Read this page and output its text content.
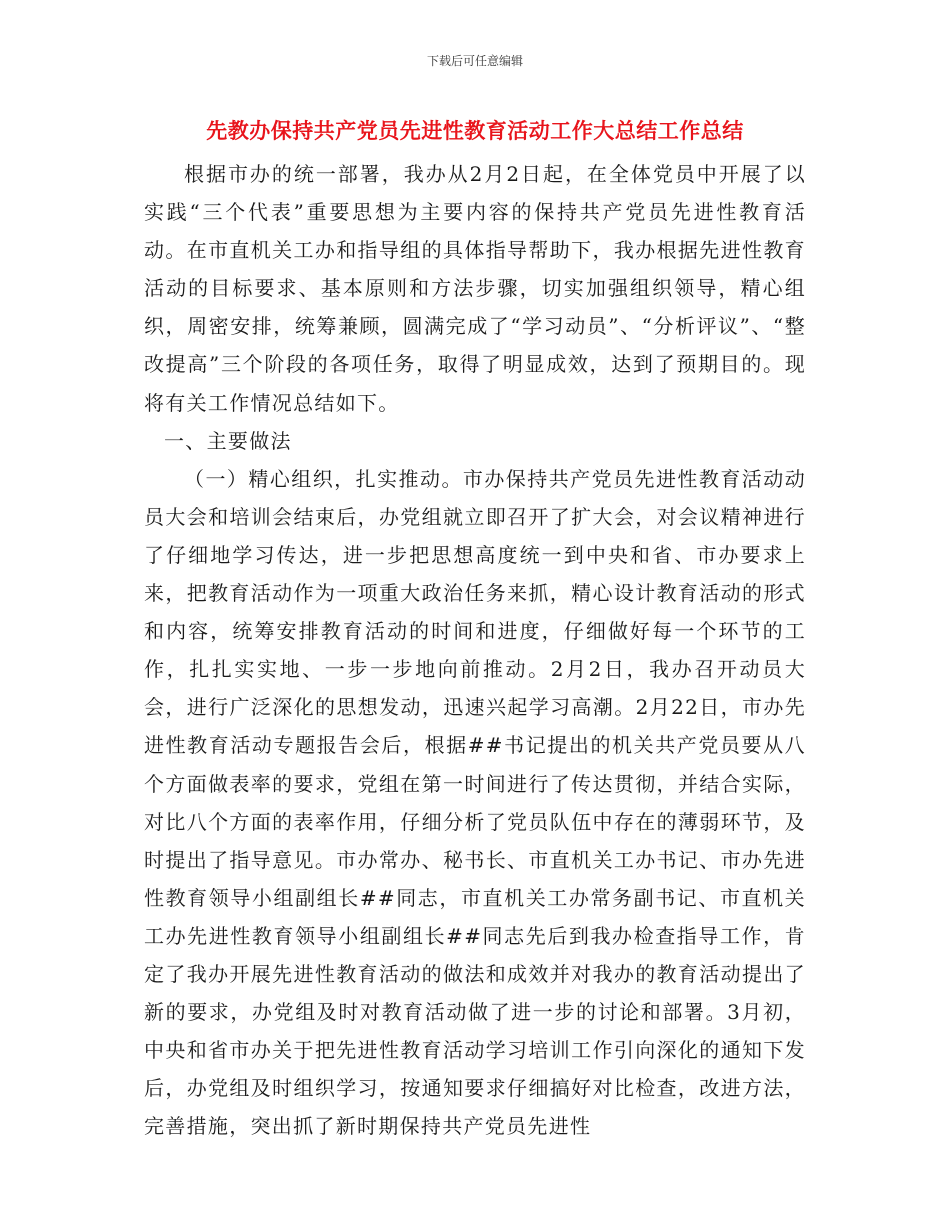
下载后可任意编辑
先教办保持共产党员先进性教育活动工作大总结工作总结

根据市办的统一部署，我办从2月2日起，在全体党员中开展了以实践“三个代表”重要思想为主要内容的保持共产党员先进性教育活动。在市直机关工办和指导组的具体指导帮助下，我办根据先进性教育活动的目标要求、基本原则和方法步骤，切实加强组织领导，精心组织，周密安排，统筹兼顾，圆满完成了“学习动员”、“分析评议”、“整改提高”三个阶段的各项任务，取得了明显成效，达到了预期目的。现将有关工作情况总结如下。

一、主要做法

（一）精心组织，扎实推动。市办保持共产党员先进性教育活动动员大会和培训会结束后，办党组就立即召开了扩大会，对会议精神进行了仔细地学习传达，进一步把思想高度统一到中央和省、市办要求上来，把教育活动作为一项重大政治任务来抓，精心设计教育活动的形式和内容，统筹安排教育活动的时间和进度，仔细做好每一个环节的工作，扎扎实实地、一步一步地向前推动。2月2日，我办召开动员大会，进行广泛深化的思想发动，迅速兴起学习高潮。2月22日，市办先进性教育活动专题报告会后，根据##书记提出的机关共产党员要从八个方面做表率的要求，党组在第一时间进行了传达贯彻，并结合实际，对比八个方面的表率作用，仔细分析了党员队伍中存在的薄弱环节，及时提出了指导意见。市办常办、秘书长、市直机关工办书记、市办先进性教育领导小组副组长##同志，市直机关工办常务副书记、市直机关工办先进性教育领导小组副组长##同志先后到我办检查指导工作，肯定了我办开展先进性教育活动的做法和成效并对我办的教育活动提出了新的要求，办党组及时对教育活动做了进一步的讨论和部署。3月初，中央和省市办关于把先进性教育活动学习培训工作引向深化的通知下发后，办党组及时组织学习，按通知要求仔细搞好对比检查，改进方法，完善措施，突出抓了新时期保持共产党员先进性
